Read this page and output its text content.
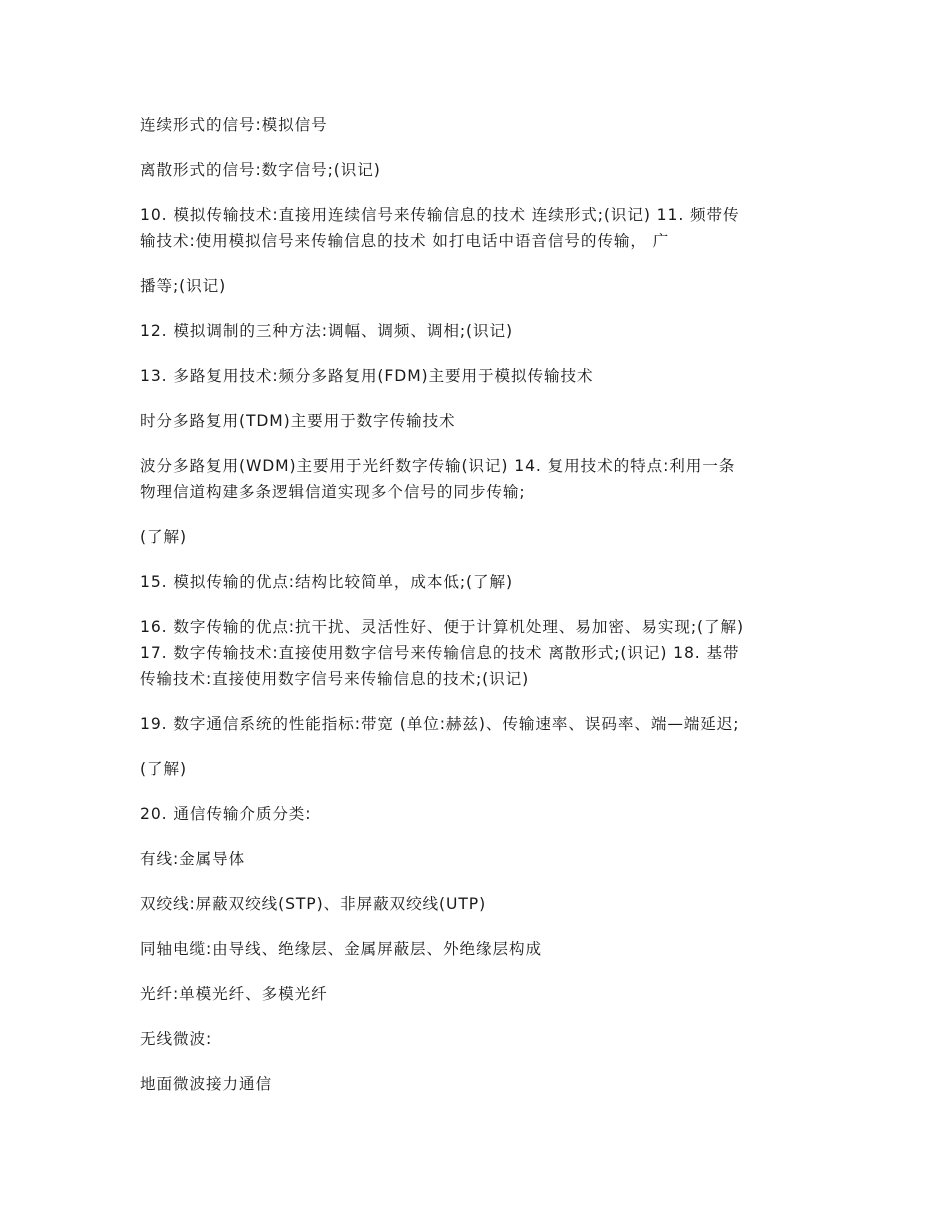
连续形式的信号:模拟信号

离散形式的信号:数字信号;(识记)

10. 模拟传输技术:直接用连续信号来传输信息的技术 连续形式;(识记) 11. 频带传
输技术:使用模拟信号来传输信息的技术 如打电话中语音信号的传输， 广

播等;(识记)

12. 模拟调制的三种方法:调幅、调频、调相;(识记)

13. 多路复用技术:频分多路复用(FDM)主要用于模拟传输技术

时分多路复用(TDM)主要用于数字传输技术

波分多路复用(WDM)主要用于光纤数字传输(识记) 14. 复用技术的特点:利用一条
物理信道构建多条逻辑信道实现多个信号的同步传输;

(了解)

15. 模拟传输的优点:结构比较简单，成本低;(了解)

16. 数字传输的优点:抗干扰、灵活性好、便于计算机处理、易加密、易实现;(了解)
17. 数字传输技术:直接使用数字信号来传输信息的技术 离散形式;(识记) 18. 基带
传输技术:直接使用数字信号来传输信息的技术;(识记)

19. 数字通信系统的性能指标:带宽 (单位:赫兹)、传输速率、误码率、端—端延迟;

(了解)

20. 通信传输介质分类:

有线:金属导体

双绞线:屏蔽双绞线(STP)、非屏蔽双绞线(UTP)

同轴电缆:由导线、绝缘层、金属屏蔽层、外绝缘层构成

光纤:单模光纤、多模光纤

无线微波:

地面微波接力通信
